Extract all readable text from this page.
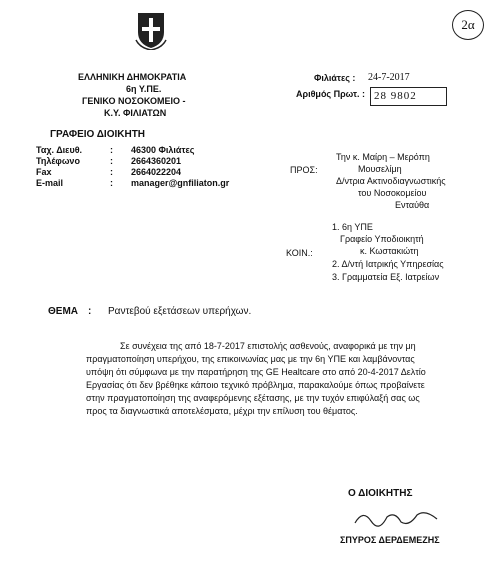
2α
ΕΛΛΗΝΙΚΗ ΔΗΜΟΚΡΑΤΙΑ
6η Υ.ΠΕ.
ΓΕΝΙΚΟ ΝΟΣΟΚΟΜΕΙΟ -
Κ.Υ. ΦΙΛΙΑΤΩΝ
Φιλιάτες : 24-7-2017
Αριθμός Πρωτ. : 28 9802
ΓΡΑΦΕΙΟ ΔΙΟΙΚΗΤΗ
Ταχ. Διευθ.	: 46300 Φιλιάτες
Τηλέφωνο	: 2664360201
Fax	: 2664022204
E-mail	: manager@gnfiliaton.gr
ΠΡΟΣ:
Την κ. Μαίρη – Μερόπη
Μουσελίμη
Δ/ντρια Ακτινοδιαγνωστικής
του Νοσοκομείου
Ενταύθα
ΚΟΙΝ.:
1. 6η ΥΠΕ
Γραφείο Υποδιοικητή
κ. Κωστακιώτη
2. Δ/ντή Ιατρικής Υπηρεσίας
3. Γραμματεία Εξ. Ιατρείων
ΘΕΜΑ : Ραντεβού εξετάσεων υπερήχων.
Σε συνέχεια της από 18-7-2017 επιστολής ασθενούς, αναφορικά με την μη
πραγματοποίηση υπερήχου, της επικοινωνίας μας με την 6η ΥΠΕ και λαμβάνοντας
υπόψη ότι σύμφωνα με την παρατήρηση της GE Healtcare στο από 20-4-2017 Δελτίο
Εργασίας ότι δεν βρέθηκε κάποιο τεχνικό πρόβλημα, παρακαλούμε όπως προβαίνετε
στην πραγματοποίηση της αναφερόμενης εξέτασης, με την τυχόν επιφύλαξή σας ως
προς τα διαγνωστικά αποτελέσματα, μέχρι την επίλυση του θέματος.
Ο ΔΙΟΙΚΗΤΗΣ
ΣΠΥΡΟΣ ΔΕΡΔΕΜΕΖΗΣ
